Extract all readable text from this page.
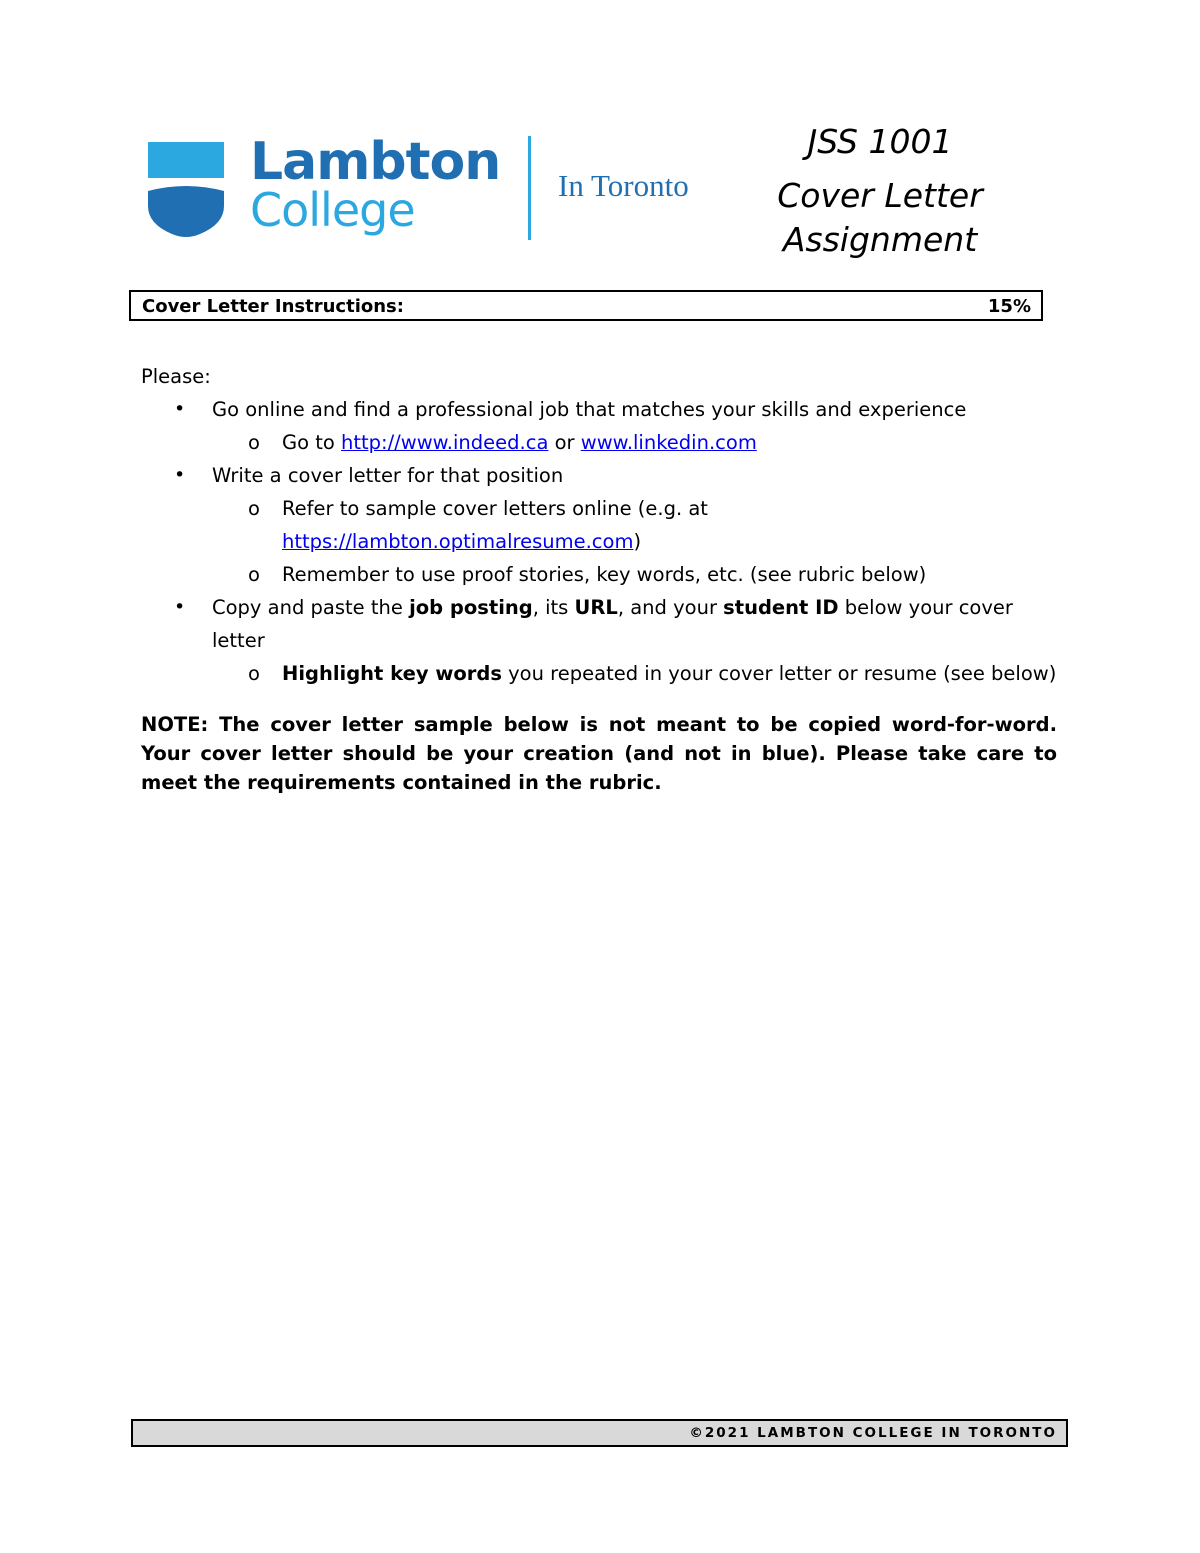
Lambton
College	In Toronto
JSS 1001
Cover Letter Assignment
Cover Letter Instructions:	15%
Please:
• Go online and find a professional job that matches your skills and experience
o Go to http://www.indeed.ca or www.linkedin.com
• Write a cover letter for that position
o Refer to sample cover letters online (e.g. at https://lambton.optimalresume.com)
o Remember to use proof stories, key words, etc. (see rubric below)
• Copy and paste the job posting, its URL, and your student ID below your cover letter
o Highlight key words you repeated in your cover letter or resume (see below)
NOTE: The cover letter sample below is not meant to be copied word-for-word. Your cover letter should be your creation (and not in blue). Please take care to meet the requirements contained in the rubric.
©2021 LAMBTON COLLEGE IN TORONTO
